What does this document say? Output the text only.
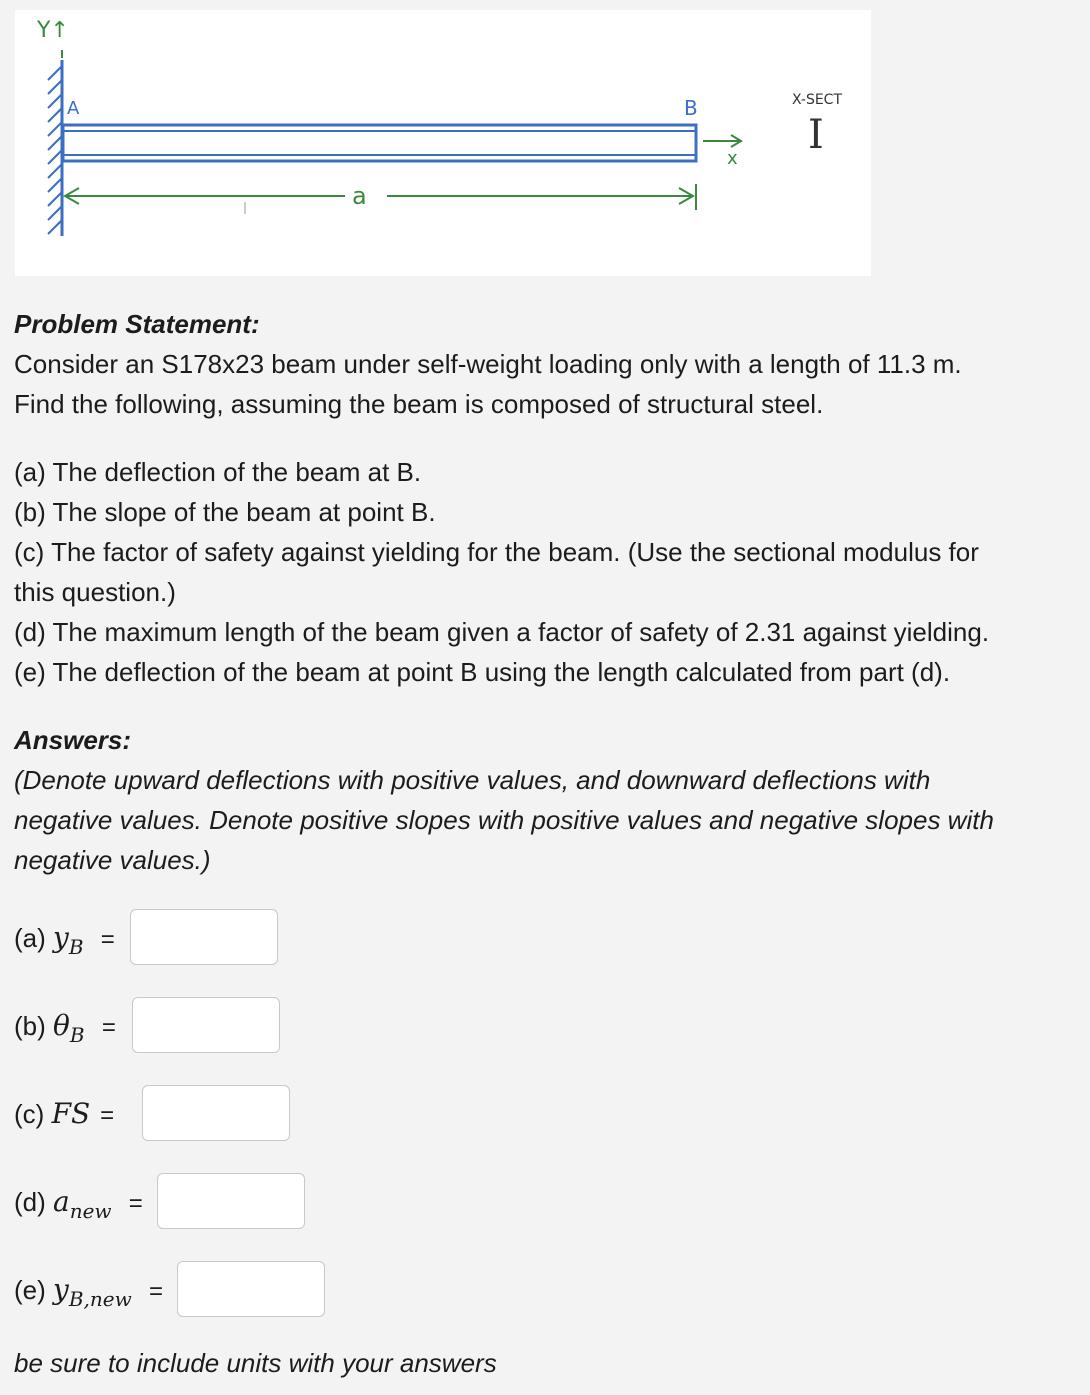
Y↑
A	B
x
a
X-SECT
I
Problem Statement:
Consider an S178x23 beam under self-weight loading only with a length of 11.3 m.
Find the following, assuming the beam is composed of structural steel.
(a) The deflection of the beam at B.
(b) The slope of the beam at point B.
(c) The factor of safety against yielding for the beam. (Use the sectional modulus for
this question.)
(d) The maximum length of the beam given a factor of safety of 2.31 against yielding.
(e) The deflection of the beam at point B using the length calculated from part (d).
Answers:
(Denote upward deflections with positive values, and downward deflections with
negative values. Denote positive slopes with positive values and negative slopes with
negative values.)
(a) $y_B$ =
(b) $\theta_B$ =
(c) FS =
(d) $a_{new}$ =
(e) $y_{B,new}$ =
be sure to include units with your answers
